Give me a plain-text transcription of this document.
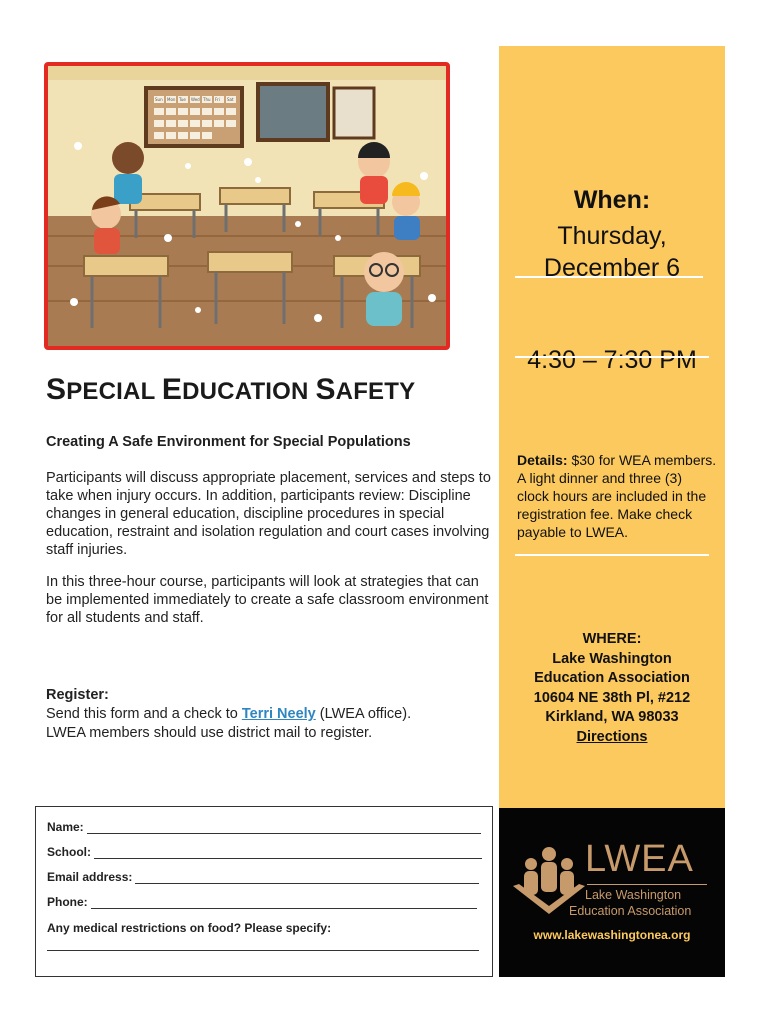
Sun Mon Tue Wed Thu Fri Sat
SPECIAL EDUCATION SAFETY
Creating A Safe Environment for Special Populations
Participants will discuss appropriate placement, services and steps to take when injury occurs. In addition, participants review: Discipline changes in general education, discipline procedures in special education, restraint and isolation regulation and court cases involving staff injuries.
In this three-hour course, participants will look at strategies that can be implemented immediately to create a safe classroom environment for all students and staff.
Register:
Send this form and a check to Terri Neely (LWEA office).
LWEA members should use district mail to register.
When:
Thursday,
December 6
4:30 – 7:30 PM
Details: $30 for WEA members. A light dinner and three (3) clock hours are included in the registration fee. Make check payable to LWEA.
WHERE:
Lake Washington
Education Association
10604 NE 38th Pl, #212
Kirkland, WA 98033
Directions
Name:
School:
Email address:
Phone:
Any medical restrictions on food? Please specify:
LWEA
Lake Washington
Education Association
www.lakewashingtonea.org
